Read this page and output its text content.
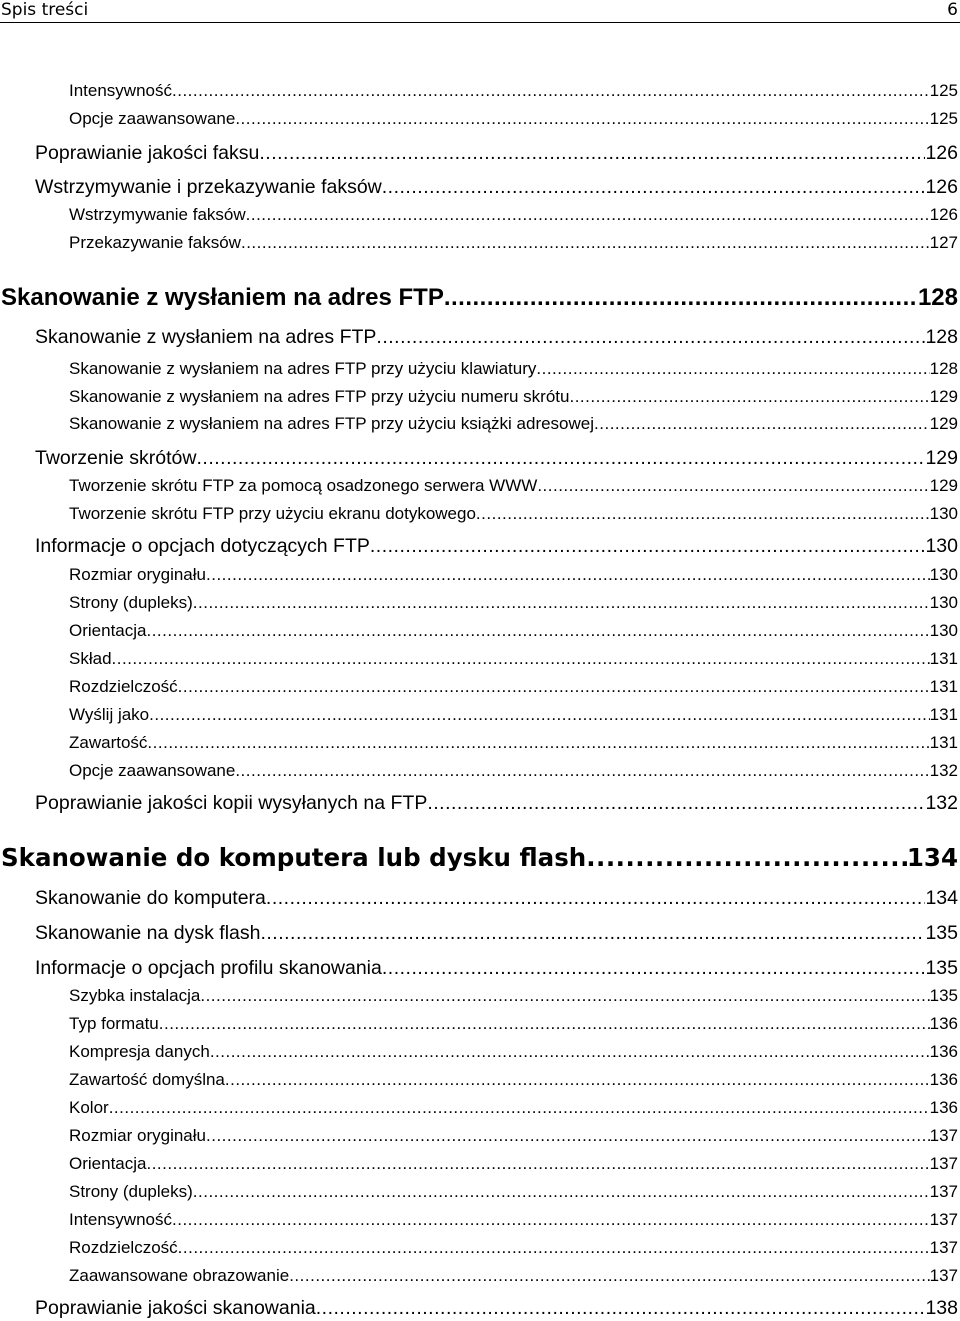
Spis treści	6
Intensywność .....	125
Opcje zaawansowane .....	125
Poprawianie jakości faksu .....	126
Wstrzymywanie i przekazywanie faksów .....	126
Wstrzymywanie faksów .....	126
Przekazywanie faksów .....	127
Skanowanie z wysłaniem na adres FTP .....	128
Skanowanie z wysłaniem na adres FTP .....	128
Skanowanie z wysłaniem na adres FTP przy użyciu klawiatury .....	128
Skanowanie z wysłaniem na adres FTP przy użyciu numeru skrótu .....	129
Skanowanie z wysłaniem na adres FTP przy użyciu książki adresowej .....	129
Tworzenie skrótów .....	129
Tworzenie skrótu FTP za pomocą osadzonego serwera WWW .....	129
Tworzenie skrótu FTP przy użyciu ekranu dotykowego .....	130
Informacje o opcjach dotyczących FTP .....	130
Rozmiar oryginału .....	130
Strony (dupleks) .....	130
Orientacja .....	130
Skład .....	131
Rozdzielczość .....	131
Wyślij jako .....	131
Zawartość .....	131
Opcje zaawansowane .....	132
Poprawianie jakości kopii wysyłanych na FTP .....	132
Skanowanie do komputera lub dysku flash .....	134
Skanowanie do komputera .....	134
Skanowanie na dysk flash .....	135
Informacje o opcjach profilu skanowania .....	135
Szybka instalacja .....	135
Typ formatu .....	136
Kompresja danych .....	136
Zawartość domyślna .....	136
Kolor .....	136
Rozmiar oryginału .....	137
Orientacja .....	137
Strony (dupleks) .....	137
Intensywność .....	137
Rozdzielczość .....	137
Zaawansowane obrazowanie .....	137
Poprawianie jakości skanowania .....	138
